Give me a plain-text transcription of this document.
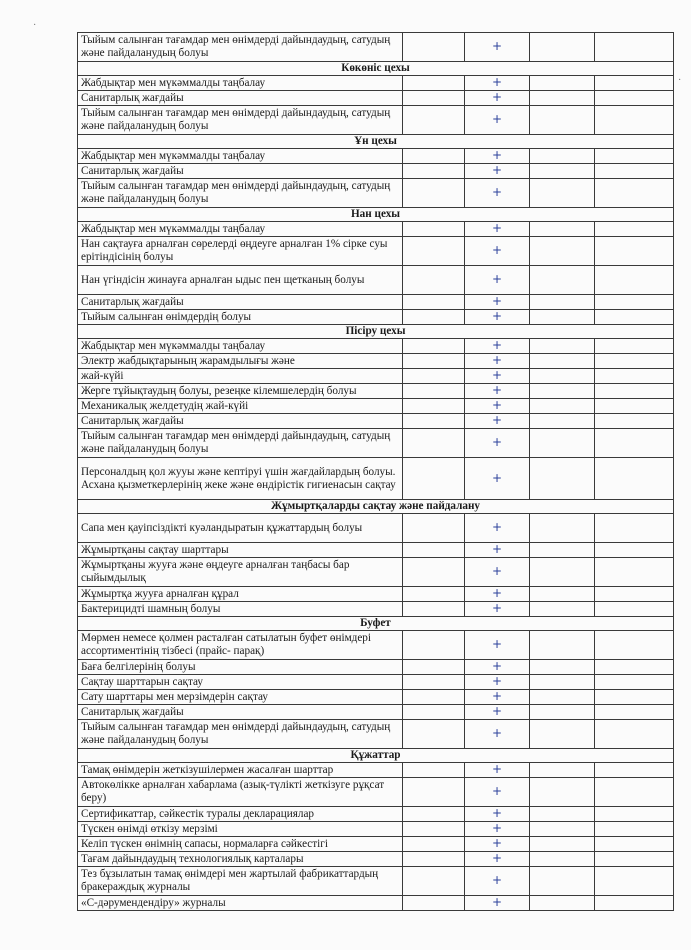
Тыйым салынған тағамдар мен өнімдерді дайындаудың, сатудың және пайдаланудың болуы		+		
Көкөніс цехы				
Жабдықтар мен мүкәммалды таңбалау		+		
Санитарлық жағдайы		+		
Тыйым салынған тағамдар мен өнімдерді дайындаудың, сатудың және пайдаланудың болуы		+		
Ұн цехы				
Жабдықтар мен мүкәммалды таңбалау		+		
Санитарлық жағдайы		+		
Тыйым салынған тағамдар мен өнімдерді дайындаудың, сатудың және пайдаланудың болуы		+		
Нан цехы				
Жабдықтар мен мүкәммалды таңбалау		+		
Нан сақтауға арналған сөрелерді өңдеуге арналған 1% сірке суы ерітіндісінің болуы		+		
Нан үгіндісін жинауға арналған ыдыс пен щетканың болуы		+		
Санитарлық жағдайы		+		
Тыйым салынған өнімдердің болуы		+		
Пісіру цехы				
Жабдықтар мен мүкәммалды таңбалау		+		
Электр жабдықтарының жарамдылығы және		+		
жай-күйі		+		
Жерге тұйықтаудың болуы, резеңке кілемшелердің болуы		+		
Механикалық желдетудің жай-күйі		+		
Санитарлық жағдайы		+		
Тыйым салынған тағамдар мен өнімдерді дайындаудың, сатудың және пайдаланудың болуы		+		
Персоналдың қол жууы және кептіруі үшін жағдайлардың болуы. Асхана қызметкерлерінің жеке және өндірістік гигиенасын сақтау		+		
Жұмыртқаларды сақтау және пайдалану				
Сапа мен қауіпсіздікті куәландыратын құжаттардың болуы		+		
Жұмыртқаны сақтау шарттары		+		
Жұмыртқаны жууға және өңдеуге арналған таңбасы бар сыйымдылық		+		
Жұмыртқа жууға арналған құрал		+		
Бактерицидті шамның болуы		+		
Буфет				
Мөрмен немесе қолмен расталған сатылатын буфет өнімдері ассортиментінің тізбесі (прайс- парақ)		+		
Баға белгілерінің болуы		+		
Сақтау шарттарын сақтау		+		
Сату шарттары мен мерзімдерін сақтау		+		
Санитарлық жағдайы		+		
Тыйым салынған тағамдар мен өнімдерді дайындаудың, сатудың және пайдаланудың болуы		+		
Құжаттар				
Тамақ өнімдерін жеткізушілермен жасалған шарттар		+		
Автокөлікке арналған хабарлама (азық-түлікті жеткізуге рұқсат беру)		+		
Сертификаттар, сәйкестік туралы декларациялар		+		
Түскен өнімді өткізу мерзімі		+		
Келіп түскен өнімнің сапасы, нормаларға сәйкестігі		+		
Тағам дайындаудың технологиялық карталары		+		
Тез бұзылатын тамақ өнімдері мен жартылай фабрикаттардың бракераждық журналы		+		
«С-дәрумендендіру» журналы		+		
·
·
